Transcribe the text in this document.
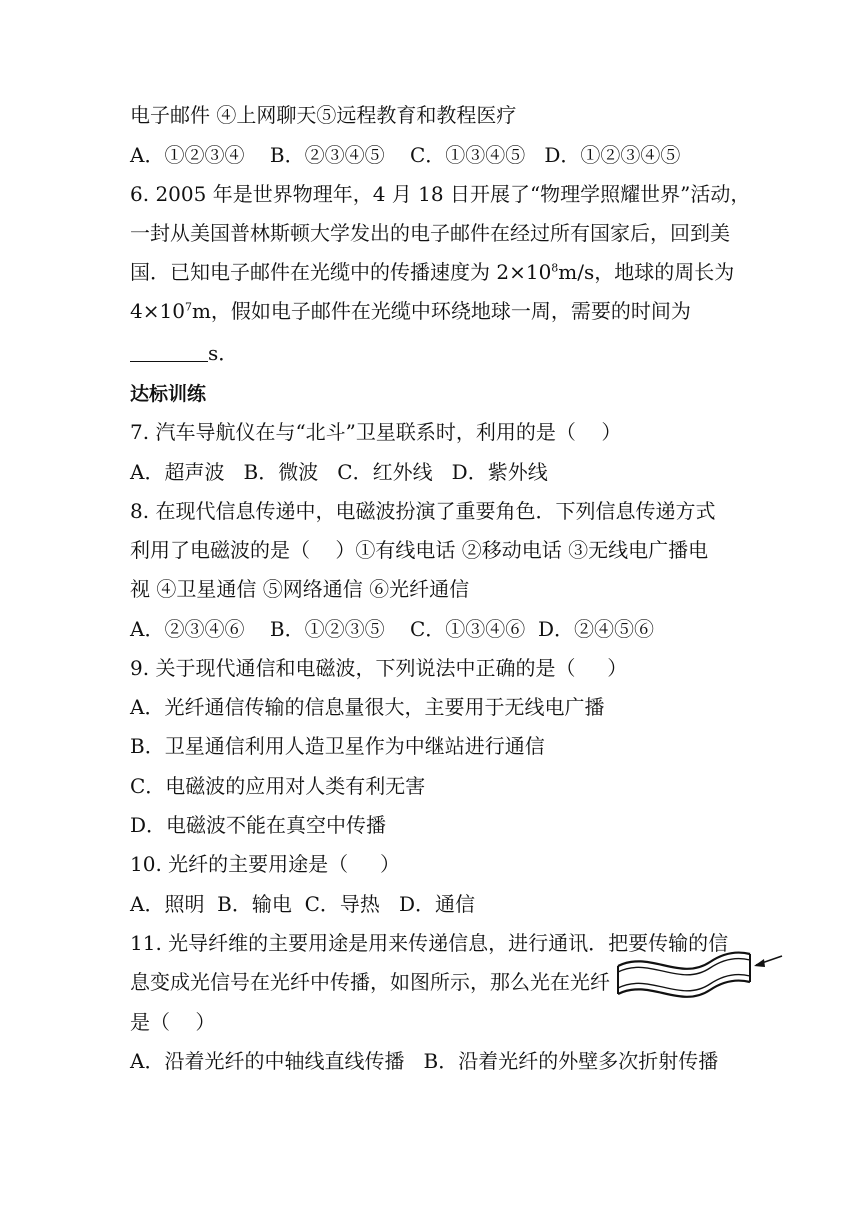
电子邮件 ④上网聊天⑤远程教育和教程医疗
A．①②③④    B．②③④⑤    C．①③④⑤   D．①②③④⑤
6. 2005 年是世界物理年，4 月 18 日开展了“物理学照耀世界”活动，
一封从美国普林斯顿大学发出的电子邮件在经过所有国家后，回到美
国．已知电子邮件在光缆中的传播速度为 $2\times 10^8m/s$，地球的周长为
$4\times 10^7m$，假如电子邮件在光缆中环绕地球一周，需要的时间为
s．
达标训练
7. 汽车导航仪在与“北斗”卫星联系时，利用的是（    ）
A．超声波   B．微波   C．红外线   D．紫外线
8. 在现代信息传递中，电磁波扮演了重要角色．下列信息传递方式
利用了电磁波的是（    ）①有线电话 ②移动电话 ③无线电广播电
视 ④卫星通信 ⑤网络通信 ⑥光纤通信
A．②③④⑥    B．①②③⑤    C．①③④⑥  D．②④⑤⑥
9. 关于现代通信和电磁波，下列说法中正确的是（     ）
A．光纤通信传输的信息量很大，主要用于无线电广播
B．卫星通信利用人造卫星作为中继站进行通信
C．电磁波的应用对人类有利无害
D．电磁波不能在真空中传播
10. 光纤的主要用途是（     ）
A．照明  B．输电  C．导热   D．通信
11. 光导纤维的主要用途是用来传递信息，进行通讯．把要传输的信
息变成光信号在光纤中传播，如图所示，那么光在光纤
是（    ）
A．沿着光纤的中轴线直线传播   B．沿着光纤的外壁多次折射传播
